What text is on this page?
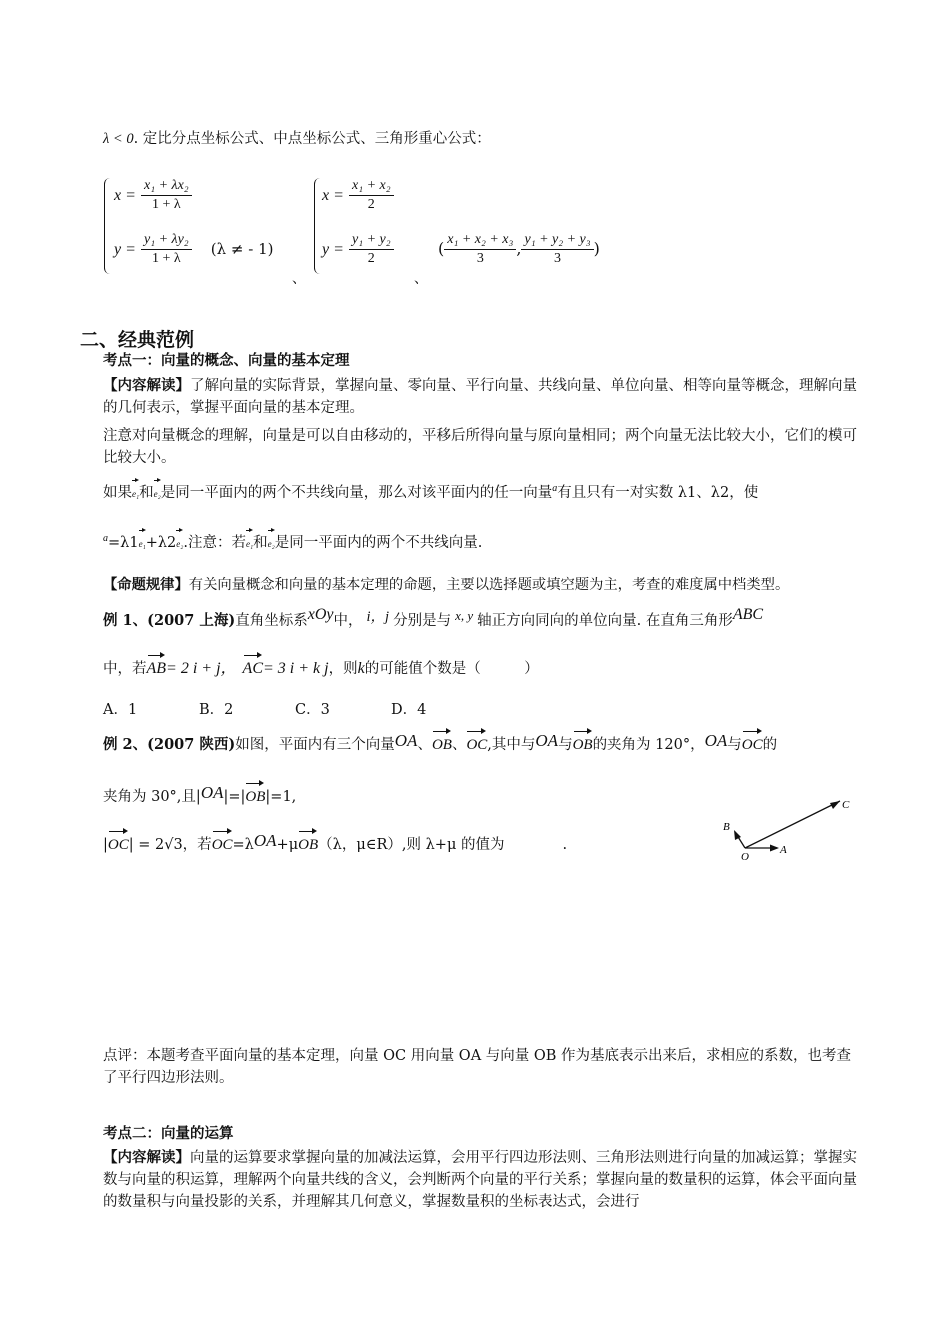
λ < 0. 定比分点坐标公式、中点坐标公式、三角形重心公式：
$x = \frac{\text{x₁ + λx₂}}{1 + \lambda}$
$y = \frac{\text{y₁ + λy₂}}{1 + \lambda} (\lambda$ ≠ - 1)
、
$x = \frac{\text{x₁ + x₂}}{2}$
$y = \frac{\text{y₁ + y₂}}{2}$
、
( $\frac{\text{x₁ + x₂ + x₃}}{3}$ , $\frac{\text{y₁ + y₂ + y₃}}{3}$ )
二、经典范例
考点一：向量的概念、向量的基本定理
【内容解读】了解向量的实际背景，掌握向量、零向量、平行向量、共线向量、单位向量、相等向量等概念，理解向量的几何表示，掌握平面向量的基本定理。
注意对向量概念的理解，向量是可以自由移动的，平移后所得向量与原向量相同；两个向量无法比较大小，它们的模可比较大小。
如果e₁和e₂是同一平面内的两个不共线向量，那么对该平面内的任一向量$^a$有且只有一对实数 λ1、λ2，使
$^a$=λ1e₁+λ2e₂.注意：若e₁和e₂是同一平面内的两个不共线向量.
【命题规律】有关向量概念和向量的基本定理的命题，主要以选择题或填空题为主，考查的难度属中档类型。
例 1、(2007 上海)直角坐标系xOy中， i，j 分别是与 x, y 轴正方向同向的单位向量. 在直角三角形ABC
中，若AB= 2 i + j， AC= 3 i + k j，则k的可能值个数是（　　　）
A．1	B．2	C．3	D．4
例 2、(2007 陕西)如图，平面内有三个向量OA、OB、OC,其中与OA与OB的夹角为 120°，OA与OC的
夹角为 30°,且|OA|=|OB|=1,
|OC| = 2√3，若OC=λOA+μOB（λ，μ∈R）,则 λ+μ 的值为　　　　.
B
C
O
A
点评：本题考查平面向量的基本定理，向量 OC 用向量 OA 与向量 OB 作为基底表示出来后，求相应的系数，也考查了平行四边形法则。
考点二：向量的运算
【内容解读】向量的运算要求掌握向量的加减法运算，会用平行四边形法则、三角形法则进行向量的加减运算；掌握实数与向量的积运算，理解两个向量共线的含义，会判断两个向量的平行关系；掌握向量的数量积的运算，体会平面向量的数量积与向量投影的关系，并理解其几何意义，掌握数量积的坐标表达式，会进行
